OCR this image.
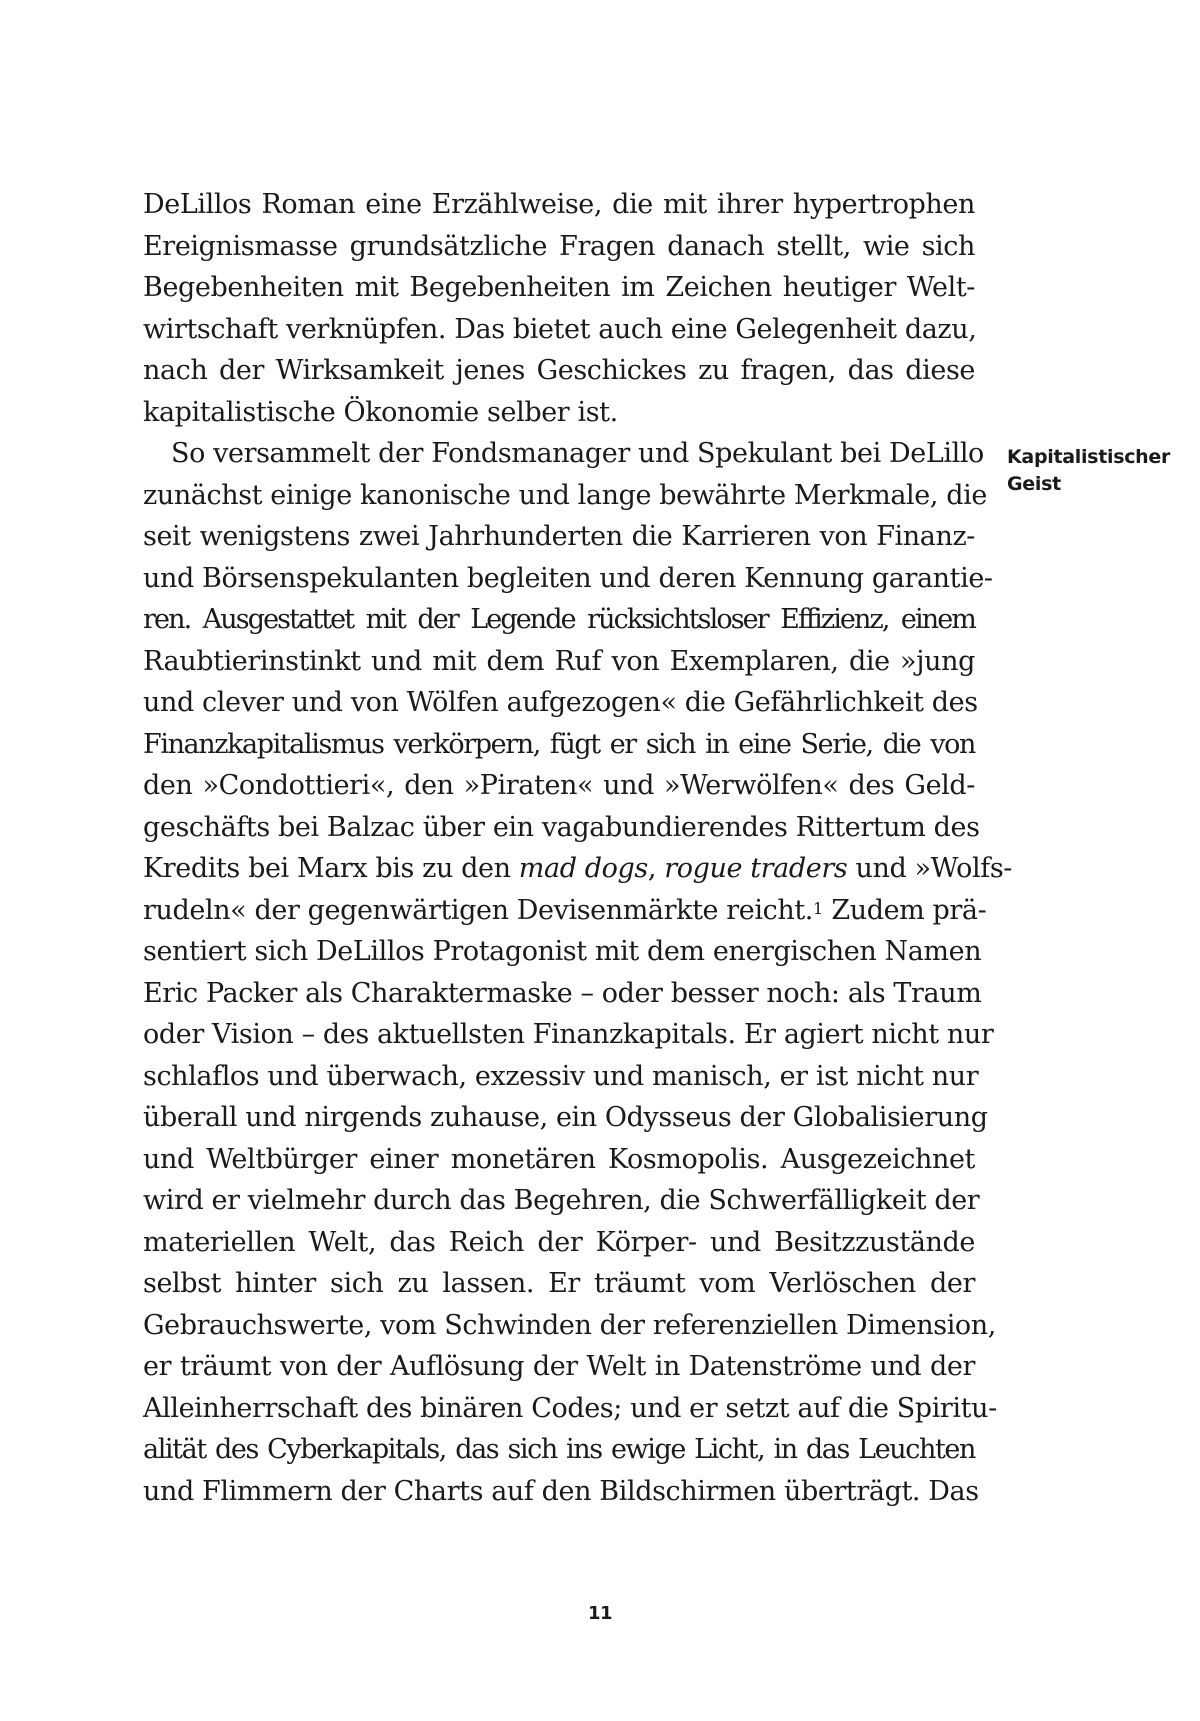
DeLillos Roman eine Erzählweise, die mit ihrer hypertrophen
Ereignismasse grundsätzliche Fragen danach stellt, wie sich
Begebenheiten mit Begebenheiten im Zeichen heutiger Welt-
wirtschaft verknüpfen. Das bietet auch eine Gelegenheit dazu,
nach der Wirksamkeit jenes Geschickes zu fragen, das diese
kapitalistische Ökonomie selber ist.
So versammelt der Fondsmanager und Spekulant bei DeLillo
zunächst einige kanonische und lange bewährte Merkmale, die
seit wenigstens zwei Jahrhunderten die Karrieren von Finanz-
und Börsenspekulanten begleiten und deren Kennung garantie-
ren. Ausgestattet mit der Legende rücksichtsloser Effizienz, einem
Raubtierinstinkt und mit dem Ruf von Exemplaren, die »jung
und clever und von Wölfen aufgezogen« die Gefährlichkeit des
Finanzkapitalismus verkörpern, fügt er sich in eine Serie, die von
den »Condottieri«, den »Piraten« und »Werwölfen« des Geld-
geschäfts bei Balzac über ein vagabundierendes Rittertum des
Kredits bei Marx bis zu den mad dogs, rogue traders und »Wolfs-
rudeln« der gegenwärtigen Devisenmärkte reicht.$^1$ Zudem prä-
sentiert sich DeLillos Protagonist mit dem energischen Namen
Eric Packer als Charaktermaske – oder besser noch: als Traum
oder Vision – des aktuellsten Finanzkapitals. Er agiert nicht nur
schlaflos und überwach, exzessiv und manisch, er ist nicht nur
überall und nirgends zuhause, ein Odysseus der Globalisierung
und Weltbürger einer monetären Kosmopolis. Ausgezeichnet
wird er vielmehr durch das Begehren, die Schwerfälligkeit der
materiellen Welt, das Reich der Körper- und Besitzzustände
selbst hinter sich zu lassen. Er träumt vom Verlöschen der
Gebrauchswerte, vom Schwinden der referenziellen Dimension,
er träumt von der Auflösung der Welt in Datenströme und der
Alleinherrschaft des binären Codes; und er setzt auf die Spiritu-
alität des Cyberkapitals, das sich ins ewige Licht, in das Leuchten
und Flimmern der Charts auf den Bildschirmen überträgt. Das
Kapitalistischer
Geist
11
